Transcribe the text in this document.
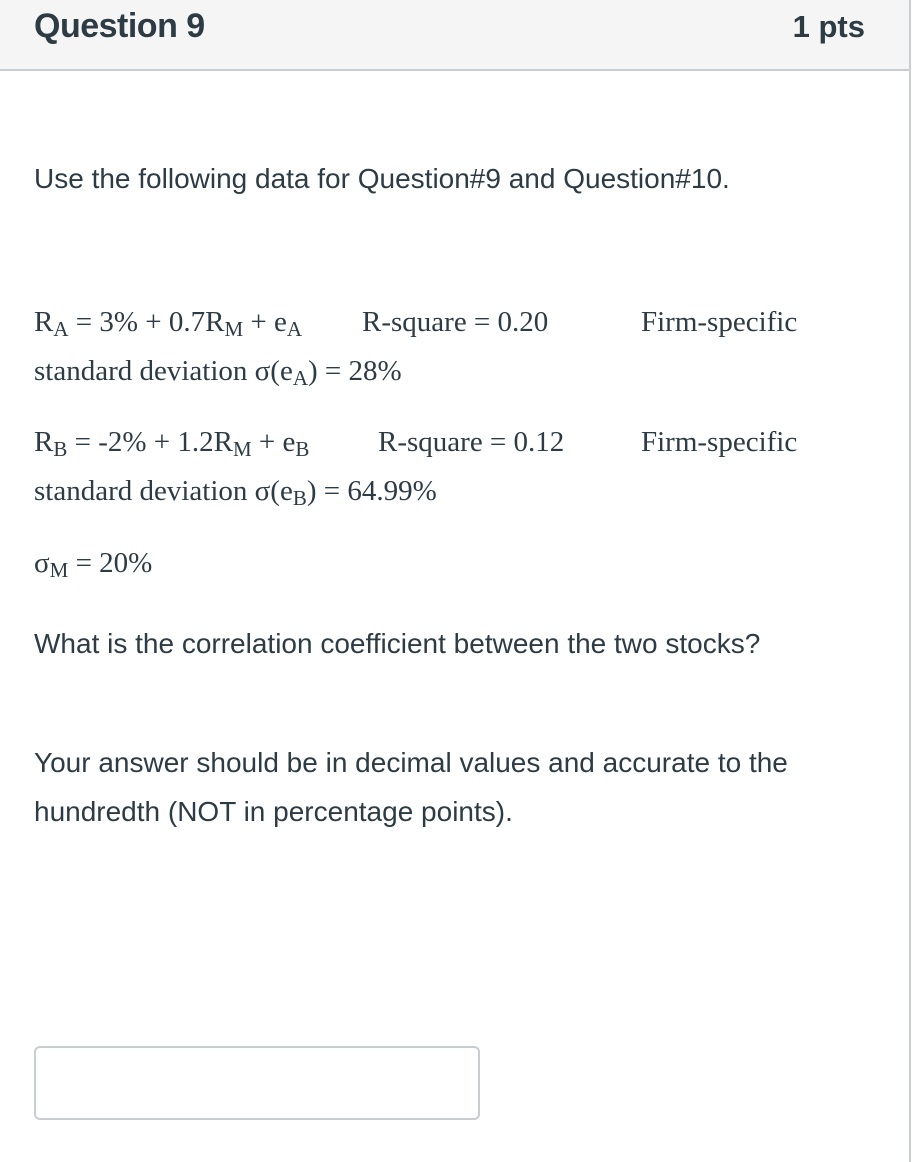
Question 9	1 pts
Use the following data for Question#9 and Question#10.
$R_A = 3\% + 0.7R_M + e_A$ R-square = 0.20	Firm-specific
standard deviation $\sigma(e_A) = 28\%$
$R_B = -2\% + 1.2R_M + e_B$ R-square = 0.12	Firm-specific
standard deviation $\sigma(e_B) = 64.99\%$
$\sigma_M = 20\%$
What is the correlation coefficient between the two stocks?
Your answer should be in decimal values and accurate to the hundredth (NOT in percentage points).
